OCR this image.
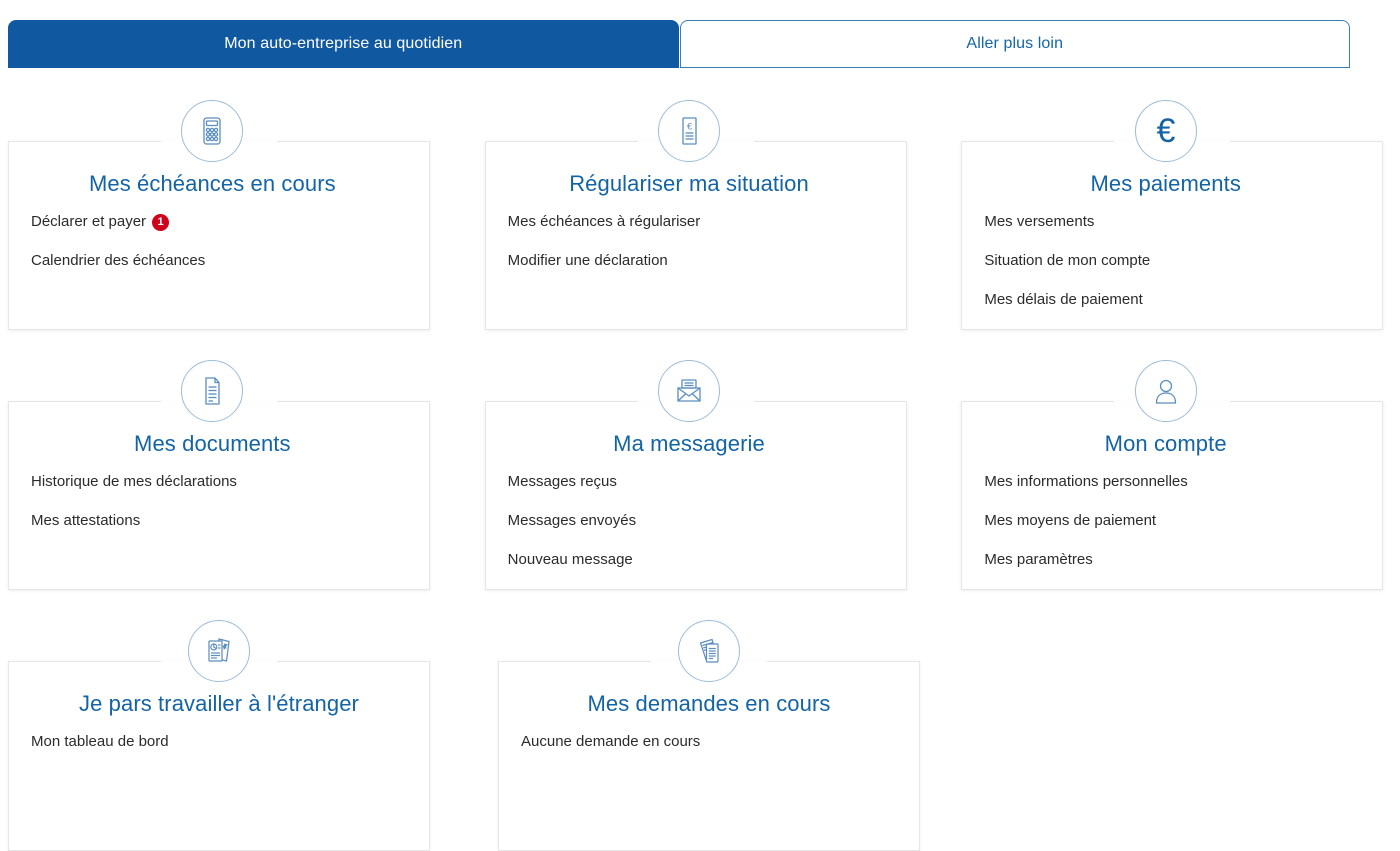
Mon auto-entreprise au quotidien	Aller plus loin
Mes échéances en cours
Déclarer et payer 1
Calendrier des échéances
€
Régulariser ma situation
Mes échéances à régulariser
Modifier une déclaration
€
Mes paiements
Mes versements
Situation de mon compte
Mes délais de paiement
Mes documents
Historique de mes déclarations
Mes attestations
Ma messagerie
Messages reçus
Messages envoyés
Nouveau message
Mon compte
Mes informations personnelles
Mes moyens de paiement
Mes paramètres
Je pars travailler à l'étranger
Mon tableau de bord
Mes demandes en cours
Aucune demande en cours
